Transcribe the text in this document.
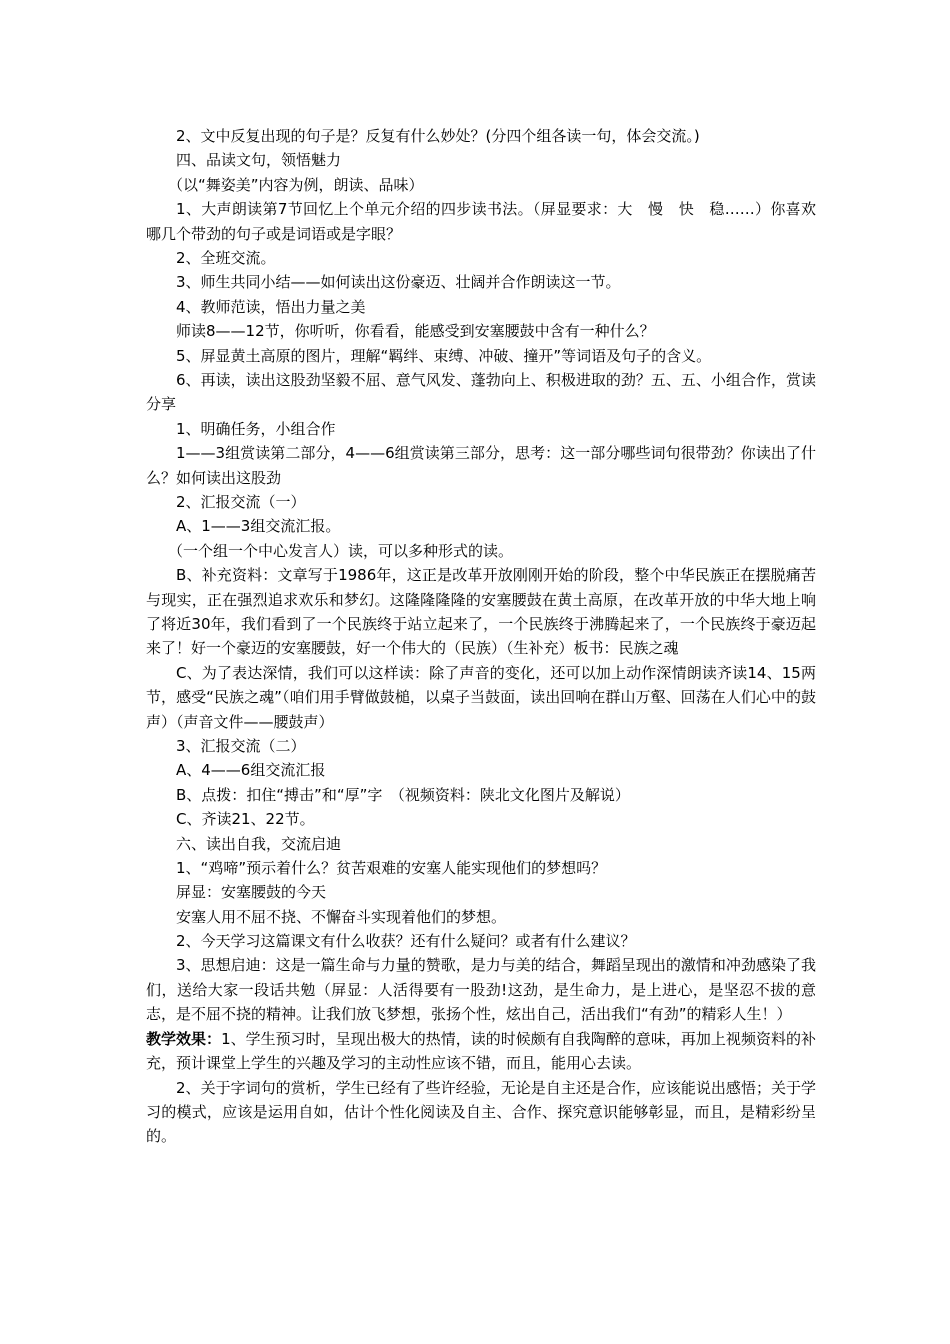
2、文中反复出现的句子是？反复有什么妙处？(分四个组各读一句，体会交流。)
四、品读文句，领悟魅力
（以“舞姿美”内容为例，朗读、品味）
1、大声朗读第7节回忆上个单元介绍的四步读书法。（屏显要求：大　慢　快　稳……）你喜欢哪几个带劲的句子或是词语或是字眼？
2、全班交流。
3、师生共同小结——如何读出这份豪迈、壮阔并合作朗读这一节。
4、教师范读，悟出力量之美
师读8——12节，你听听，你看看，能感受到安塞腰鼓中含有一种什么？
5、屏显黄土高原的图片，理解“羁绊、束缚、冲破、撞开”等词语及句子的含义。
6、再读，读出这股劲坚毅不屈、意气风发、蓬勃向上、积极进取的劲？五、五、小组合作，赏读分享
1、明确任务，小组合作
1——3组赏读第二部分，4——6组赏读第三部分，思考：这一部分哪些词句很带劲？你读出了什么？如何读出这股劲
2、汇报交流（一）
A、1——3组交流汇报。
（一个组一个中心发言人）读，可以多种形式的读。
B、补充资料：文章写于1986年，这正是改革开放刚刚开始的阶段，整个中华民族正在摆脱痛苦与现实，正在强烈追求欢乐和梦幻。这隆隆隆隆的安塞腰鼓在黄土高原，在改革开放的中华大地上响了将近30年，我们看到了一个民族终于站立起来了，一个民族终于沸腾起来了，一个民族终于豪迈起来了！好一个豪迈的安塞腰鼓，好一个伟大的（民族）（生补充）板书：民族之魂
C、为了表达深情，我们可以这样读：除了声音的变化，还可以加上动作深情朗读齐读14、15两节，感受“民族之魂”（咱们用手臂做鼓槌，以桌子当鼓面，读出回响在群山万壑、回荡在人们心中的鼓声）（声音文件——腰鼓声）
3、汇报交流（二）
A、4——6组交流汇报
B、点拨：扣住“搏击”和“厚”字　（视频资料：陕北文化图片及解说）
C、齐读21、22节。
六、读出自我，交流启迪
1、“鸡啼”预示着什么？贫苦艰难的安塞人能实现他们的梦想吗？
屏显：安塞腰鼓的今天
安塞人用不屈不挠、不懈奋斗实现着他们的梦想。
2、今天学习这篇课文有什么收获？还有什么疑问？或者有什么建议？
3、思想启迪：这是一篇生命与力量的赞歌，是力与美的结合，舞蹈呈现出的激情和冲劲感染了我们，送给大家一段话共勉（屏显：人活得要有一股劲!这劲，是生命力，是上进心，是坚忍不拔的意志，是不屈不挠的精神。让我们放飞梦想，张扬个性，炫出自己，活出我们“有劲”的精彩人生！）
教学效果：1、学生预习时，呈现出极大的热情，读的时候颇有自我陶醉的意味，再加上视频资料的补充，预计课堂上学生的兴趣及学习的主动性应该不错，而且，能用心去读。
2、关于字词句的赏析，学生已经有了些许经验，无论是自主还是合作，应该能说出感悟；关于学习的模式，应该是运用自如，估计个性化阅读及自主、合作、探究意识能够彰显，而且，是精彩纷呈的。
